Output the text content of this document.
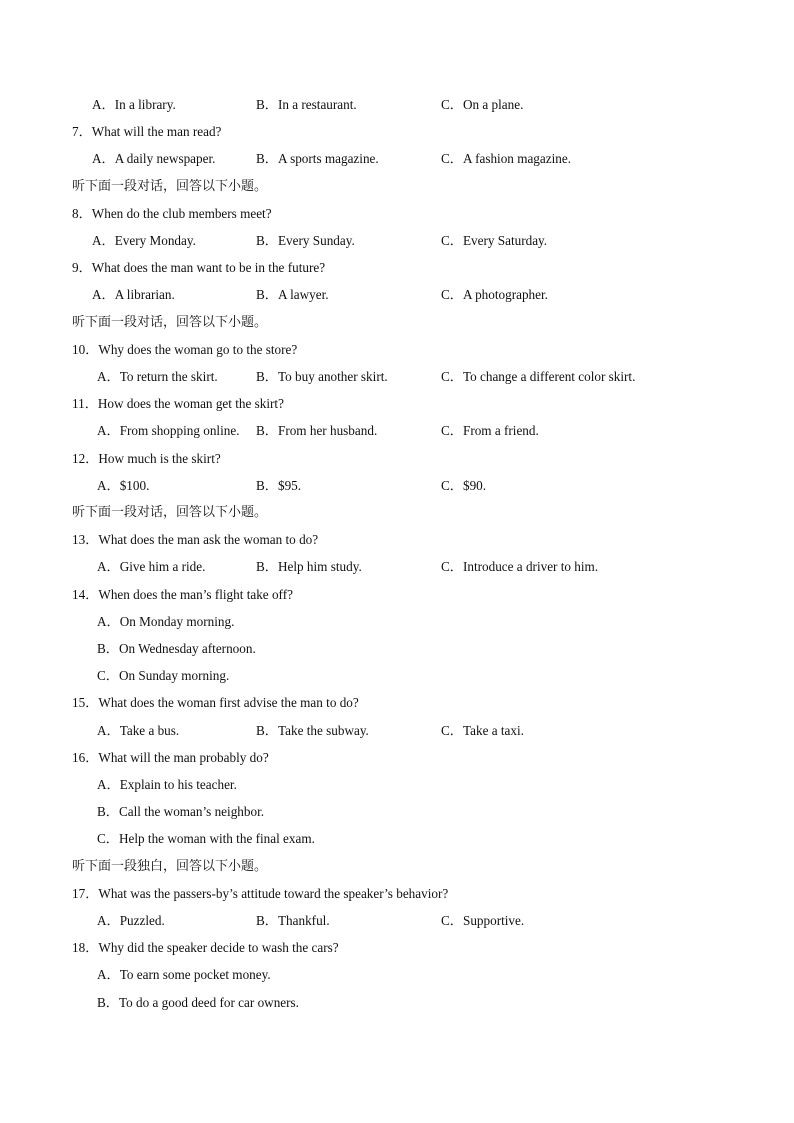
A．In a library.	B．In a restaurant.	C．On a plane.
7．What will the man read?
A．A daily newspaper.	B．A sports magazine.	C．A fashion magazine.
听下面一段对话，回答以下小题。
8．When do the club members meet?
A．Every Monday.	B．Every Sunday.	C．Every Saturday.
9．What does the man want to be in the future?
A．A librarian.	B．A lawyer.	C．A photographer.
听下面一段对话，回答以下小题。
10．Why does the woman go to the store?
A．To return the skirt.	B．To buy another skirt.	C．To change a different color skirt.
11．How does the woman get the skirt?
A．From shopping online. B．From her husband.	C．From a friend.
12．How much is the skirt?
A．$100.	B．$95.	C．$90.
听下面一段对话，回答以下小题。
13．What does the man ask the woman to do?
A．Give him a ride.	B．Help him study.	C．Introduce a driver to him.
14．When does the man’s flight take off?
A．On Monday morning.
B．On Wednesday afternoon.
C．On Sunday morning.
15．What does the woman first advise the man to do?
A．Take a bus.	B．Take the subway.	C．Take a taxi.
16．What will the man probably do?
A．Explain to his teacher.
B．Call the woman’s neighbor.
C．Help the woman with the final exam.
听下面一段独白，回答以下小题。
17．What was the passers-by’s attitude toward the speaker’s behavior?
A．Puzzled.	B．Thankful.	C．Supportive.
18．Why did the speaker decide to wash the cars?
A．To earn some pocket money.
B．To do a good deed for car owners.
